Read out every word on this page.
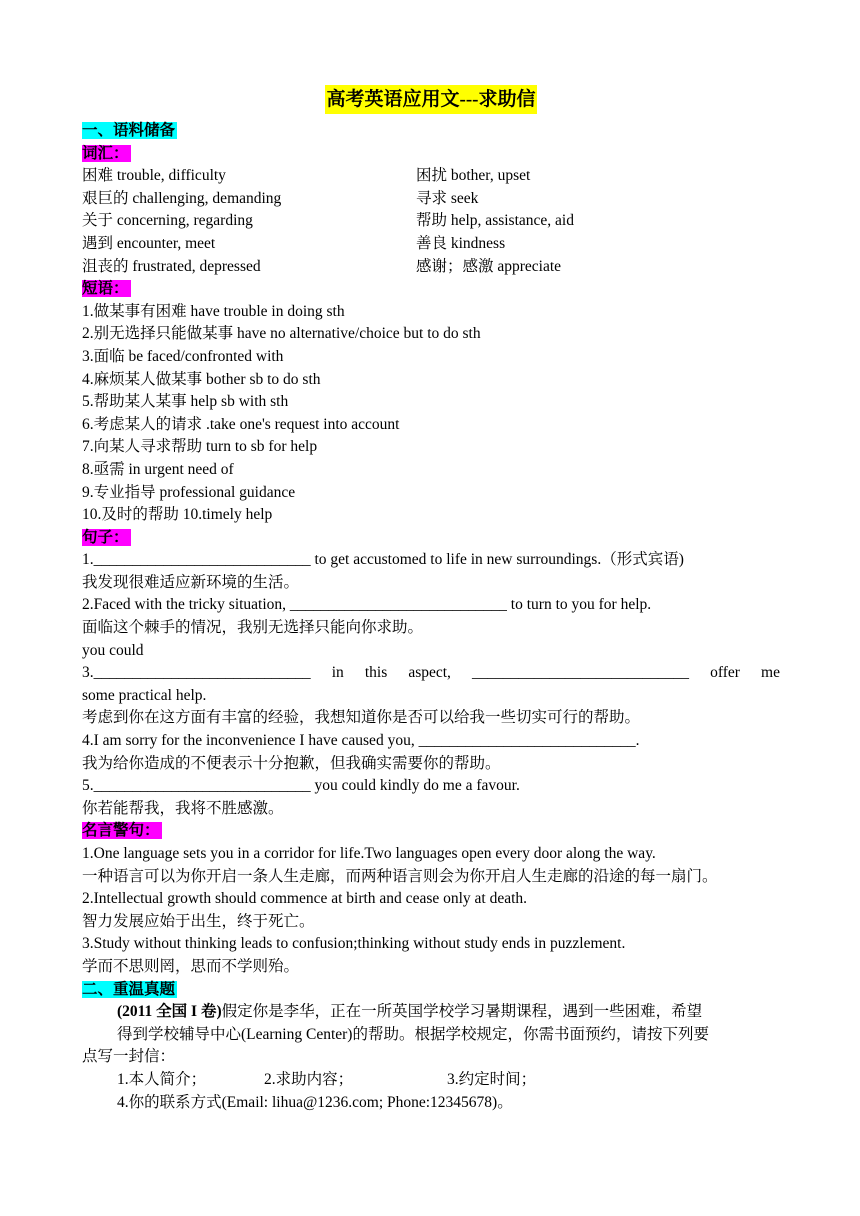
高考英语应用文---求助信
一、语料储备
词汇：
困难 trouble, difficulty	困扰 bother, upset
艰巨的 challenging, demanding	寻求 seek
关于 concerning, regarding	帮助 help, assistance, aid
遇到 encounter, meet	善良 kindness
沮丧的 frustrated, depressed	感谢；感激 appreciate
短语：
1.做某事有困难 have trouble in doing sth
2.别无选择只能做某事 have no alternative/choice but to do sth
3.面临 be faced/confronted with
4.麻烦某人做某事 bother sb to do sth
5.帮助某人某事 help sb with sth
6.考虑某人的请求 .take one's request into account
7.向某人寻求帮助 turn to sb for help
8.亟需 in urgent need of
9.专业指导 professional guidance
10.及时的帮助 10.timely help
句子：
1.____________________________ to get accustomed to life in new surroundings.（形式宾语)
我发现很难适应新环境的生活。
2.Faced with the tricky situation, ____________________________ to turn to you for help.
面临这个棘手的情况，我别无选择只能向你求助。
you could
3.____________________________ in this aspect, ____________________________ offer me
some practical help.
考虑到你在这方面有丰富的经验，我想知道你是否可以给我一些切实可行的帮助。
4.I am sorry for the inconvenience I have caused you, ____________________________.
我为给你造成的不便表示十分抱歉，但我确实需要你的帮助。
5.____________________________ you could kindly do me a favour.
你若能帮我，我将不胜感激。
名言警句：
1.One language sets you in a corridor for life.Two languages open every door along the way.
一种语言可以为你开启一条人生走廊，而两种语言则会为你开启人生走廊的沿途的每一扇门。
2.Intellectual growth should commence at birth and cease only at death.
智力发展应始于出生，终于死亡。
3.Study without thinking leads to confusion;thinking without study ends in puzzlement.
学而不思则罔，思而不学则殆。
二、重温真题
(2011 全国 I 卷)假定你是李华，正在一所英国学校学习暑期课程，遇到一些困难，希望
得到学校辅导中心(Learning Center)的帮助。根据学校规定，你需书面预约，请按下列要
点写一封信：
1.本人简介；	2.求助内容；	3.约定时间；
4.你的联系方式(Email: lihua@1236.com; Phone:12345678)。
